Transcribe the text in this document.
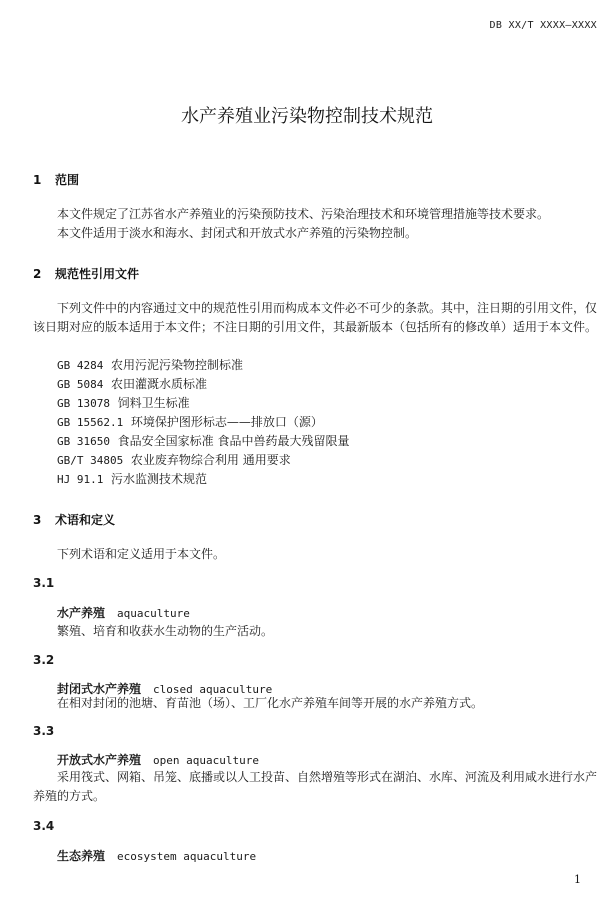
DB XX/T XXXX—XXXX
水产养殖业污染物控制技术规范
1 范围
本文件规定了江苏省水产养殖业的污染预防技术、污染治理技术和环境管理措施等技术要求。
本文件适用于淡水和海水、封闭式和开放式水产养殖的污染物控制。
2 规范性引用文件
下列文件中的内容通过文中的规范性引用而构成本文件必不可少的条款。其中，注日期的引用文件，仅该日期对应的版本适用于本文件；不注日期的引用文件，其最新版本（包括所有的修改单）适用于本文件。
GB 4284 农用污泥污染物控制标准
GB 5084 农田灌溉水质标准
GB 13078 饲料卫生标准
GB 15562.1 环境保护图形标志——排放口（源）
GB 31650 食品安全国家标准 食品中兽药最大残留限量
GB/T 34805 农业废弃物综合利用 通用要求
HJ 91.1 污水监测技术规范
3 术语和定义
下列术语和定义适用于本文件。
3.1
水产养殖 aquaculture
繁殖、培育和收获水生动物的生产活动。
3.2
封闭式水产养殖 closed aquaculture
在相对封闭的池塘、育苗池（场）、工厂化水产养殖车间等开展的水产养殖方式。
3.3
开放式水产养殖 open aquaculture
采用筏式、网箱、吊笼、底播或以人工投苗、自然增殖等形式在湖泊、水库、河流及利用咸水进行水产养殖的方式。
3.4
生态养殖 ecosystem aquaculture
1
